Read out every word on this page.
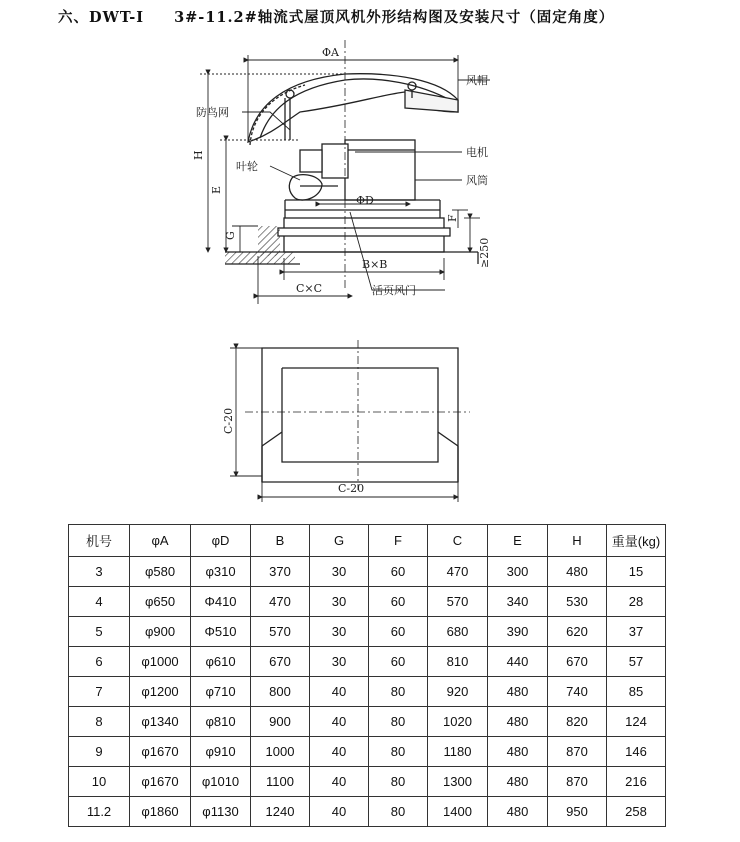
六、DWT-Ⅰ 3#-11.2#轴流式屋顶风机外形结构图及安装尺寸（固定角度）
ΦA
H
E
G
ΦD
F
≥250
B×B
C×C
风帽
防鸟网
电机
叶轮
风筒
活页风门
C-20
C-20
机号	φA	φD	B	G	F	C	E	H	重量(kg)
3	φ580	φ310	370	30	60	470	300	480	15
4	φ650	Φ410	470	30	60	570	340	530	28
5	φ900	Φ510	570	30	60	680	390	620	37
6	φ1000	φ610	670	30	60	810	440	670	57
7	φ1200	φ710	800	40	80	920	480	740	85
8	φ1340	φ810	900	40	80	1020	480	820	124
9	φ1670	φ910	1000	40	80	1180	480	870	146
10	φ1670	φ1010	1100	40	80	1300	480	870	216
11.2	φ1860	φ1130	1240	40	80	1400	480	950	258
